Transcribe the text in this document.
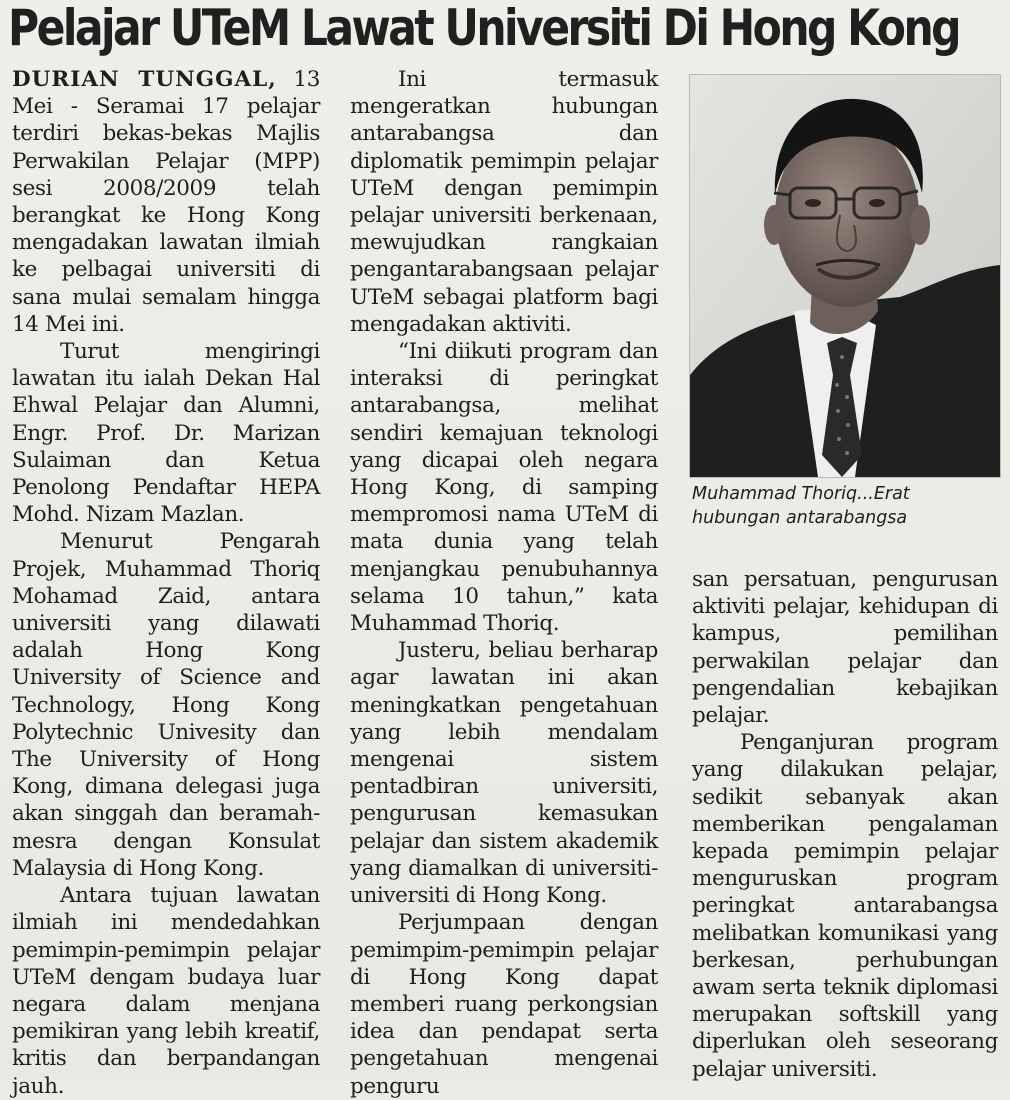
Pelajar UTeM Lawat Universiti Di Hong Kong

DURIAN TUNGGAL, 13 Mei - Seramai 17 pelajar terdiri bekas-bekas Majlis Perwakilan Pelajar (MPP) sesi 2008/2009 telah berangkat ke Hong Kong mengadakan lawatan ilmiah ke pelbagai universiti di sana mulai semalam hingga 14 Mei ini.

Turut mengiringi lawatan itu ialah Dekan Hal Ehwal Pelajar dan Alumni, Engr. Prof. Dr. Marizan Sulaiman dan Ketua Penolong Pendaftar HEPA Mohd. Nizam Mazlan.

Menurut Pengarah Projek, Muhammad Thoriq Mohamad Zaid, antara universiti yang dilawati adalah Hong Kong University of Science and Technology, Hong Kong Polytechnic Univesity dan The University of Hong Kong, dimana delegasi juga akan singgah dan beramah-mesra dengan Konsulat Malaysia di Hong Kong.

Antara tujuan lawatan ilmiah ini mendedahkan pemimpin-pemimpin pelajar UTeM dengam budaya luar negara dalam menjana pemikiran yang lebih kreatif, kritis dan berpandangan jauh.

Ini termasuk mengeratkan hubungan antarabangsa dan diplomatik pemimpin pelajar UTeM dengan pemimpin pelajar universiti berkenaan, mewujudkan rangkaian pengantarabangsaan pelajar UTeM sebagai platform bagi mengadakan aktiviti.

“Ini diikuti program dan interaksi di peringkat antarabangsa, melihat sendiri kemajuan teknologi yang dicapai oleh negara Hong Kong, di samping mempromosi nama UTeM di mata dunia yang telah menjangkau penubuhannya selama 10 tahun,” kata Muhammad Thoriq.

Justeru, beliau berharap agar lawatan ini akan meningkatkan pengetahuan yang lebih mendalam mengenai sistem pentadbiran universiti, pengurusan kemasukan pelajar dan sistem akademik yang diamalkan di universiti-universiti di Hong Kong.

Perjumpaan dengan pemimpim-pemimpin pelajar di Hong Kong dapat memberi ruang perkongsian idea dan pendapat serta pengetahuan mengenai penguru

Muhammad Thoriq...Erat

hubungan antarabangsa

san persatuan, pengurusan aktiviti pelajar, kehidupan di kampus, pemilihan perwakilan pelajar dan pengendalian kebajikan pelajar.

Penganjuran program yang dilakukan pelajar, sedikit sebanyak akan memberikan pengalaman kepada pemimpin pelajar menguruskan program peringkat antarabangsa melibatkan komunikasi yang berkesan, perhubungan awam serta teknik diplomasi merupakan softskill yang diperlukan oleh seseorang pelajar universiti.
